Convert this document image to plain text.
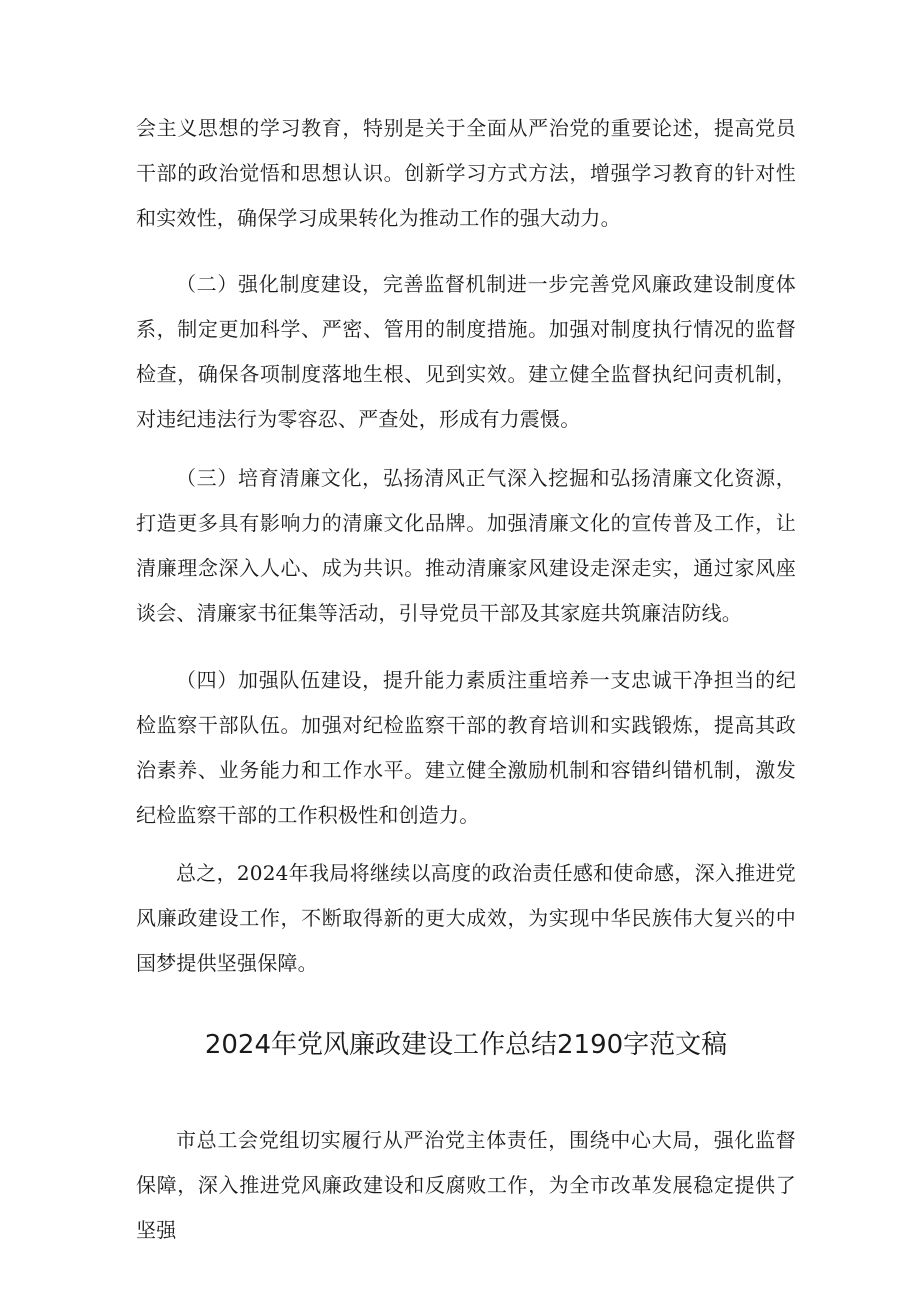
会主义思想的学习教育，特别是关于全面从严治党的重要论述，提高党员干部的政治觉悟和思想认识。创新学习方式方法，增强学习教育的针对性和实效性，确保学习成果转化为推动工作的强大动力。

（二）强化制度建设，完善监督机制进一步完善党风廉政建设制度体系，制定更加科学、严密、管用的制度措施。加强对制度执行情况的监督检查，确保各项制度落地生根、见到实效。建立健全监督执纪问责机制，对违纪违法行为零容忍、严查处，形成有力震慑。

（三）培育清廉文化，弘扬清风正气深入挖掘和弘扬清廉文化资源，打造更多具有影响力的清廉文化品牌。加强清廉文化的宣传普及工作，让清廉理念深入人心、成为共识。推动清廉家风建设走深走实，通过家风座谈会、清廉家书征集等活动，引导党员干部及其家庭共筑廉洁防线。

（四）加强队伍建设，提升能力素质注重培养一支忠诚干净担当的纪检监察干部队伍。加强对纪检监察干部的教育培训和实践锻炼，提高其政治素养、业务能力和工作水平。建立健全激励机制和容错纠错机制，激发纪检监察干部的工作积极性和创造力。

总之，2024年我局将继续以高度的政治责任感和使命感，深入推进党风廉政建设工作，不断取得新的更大成效，为实现中华民族伟大复兴的中国梦提供坚强保障。

2024年党风廉政建设工作总结2190字范文稿

市总工会党组切实履行从严治党主体责任，围绕中心大局，强化监督保障，深入推进党风廉政建设和反腐败工作，为全市改革发展稳定提供了坚强
